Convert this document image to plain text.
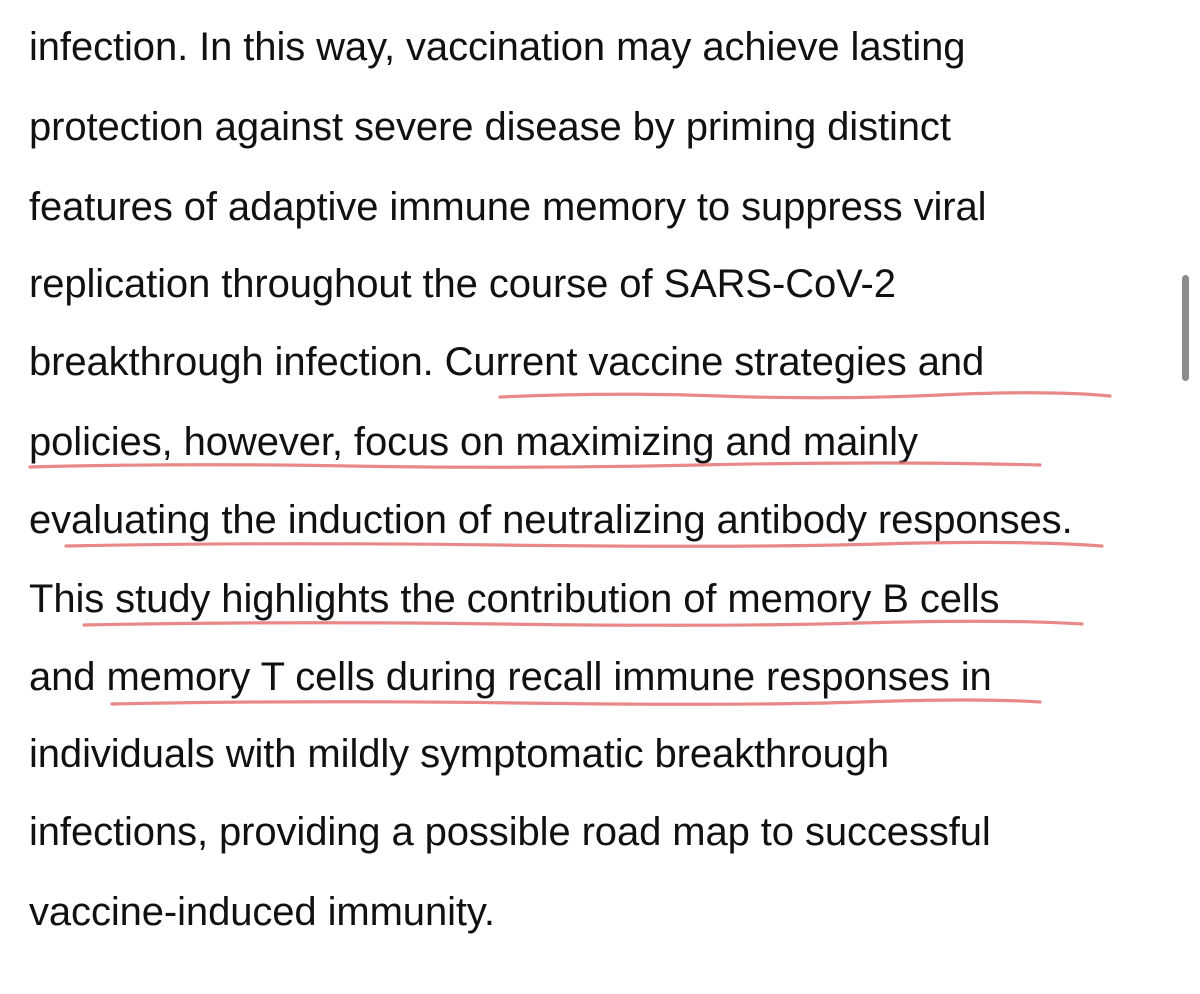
infection. In this way, vaccination may achieve lasting
protection against severe disease by priming distinct
features of adaptive immune memory to suppress viral
replication throughout the course of SARS-CoV-2
breakthrough infection. Current vaccine strategies and
policies, however, focus on maximizing and mainly
evaluating the induction of neutralizing antibody responses.
This study highlights the contribution of memory B cells
and memory T cells during recall immune responses in
individuals with mildly symptomatic breakthrough
infections, providing a possible road map to successful
vaccine-induced immunity.
